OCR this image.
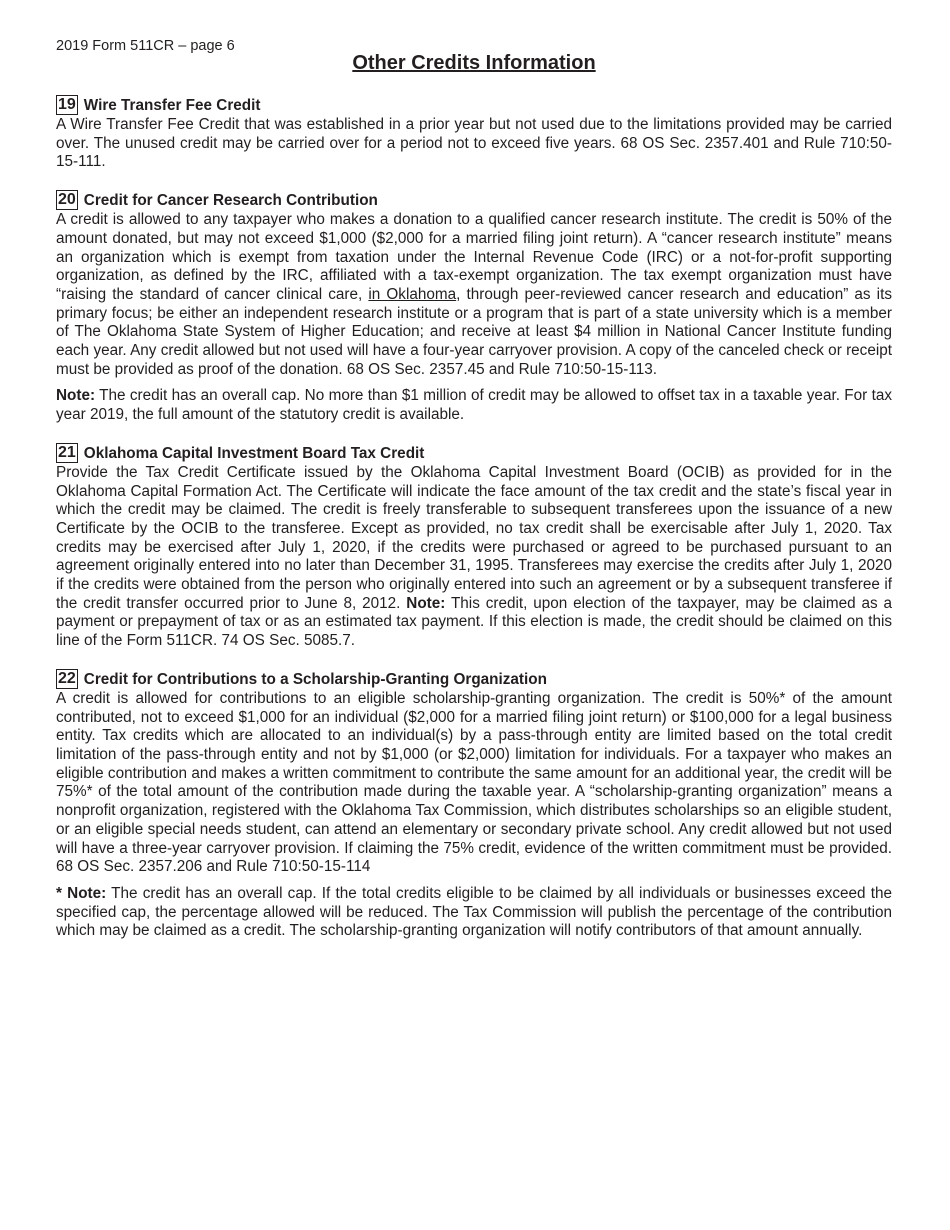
2019 Form 511CR – page 6
Other Credits Information
19 Wire Transfer Fee Credit

A Wire Transfer Fee Credit that was established in a prior year but not used due to the limitations provided may be carried over. The unused credit may be carried over for a period not to exceed five years. 68 OS Sec. 2357.401 and Rule 710:50-15-111.

20 Credit for Cancer Research Contribution

A credit is allowed to any taxpayer who makes a donation to a qualified cancer research institute. The credit is 50% of the amount donated, but may not exceed $1,000 ($2,000 for a married filing joint return). A “cancer research institute” means an organization which is exempt from taxation under the Internal Revenue Code (IRC) or a not-for-profit supporting organization, as defined by the IRC, affiliated with a tax-exempt organization. The tax exempt organization must have “raising the standard of cancer clinical care, in Oklahoma, through peer-reviewed cancer research and education” as its primary focus; be either an independent research institute or a program that is part of a state university which is a member of The Oklahoma State System of Higher Education; and receive at least $4 million in National Cancer Institute funding each year. Any credit allowed but not used will have a four-year carryover provision. A copy of the canceled check or receipt must be provided as proof of the donation. 68 OS Sec. 2357.45 and Rule 710:50-15-113.

Note: The credit has an overall cap. No more than $1 million of credit may be allowed to offset tax in a taxable year. For tax year 2019, the full amount of the statutory credit is available.

21 Oklahoma Capital Investment Board Tax Credit

Provide the Tax Credit Certificate issued by the Oklahoma Capital Investment Board (OCIB) as provided for in the Oklahoma Capital Formation Act. The Certificate will indicate the face amount of the tax credit and the state’s fiscal year in which the credit may be claimed. The credit is freely transferable to subsequent transferees upon the issuance of a new Certificate by the OCIB to the transferee. Except as provided, no tax credit shall be exercisable after July 1, 2020. Tax credits may be exercised after July 1, 2020, if the credits were purchased or agreed to be purchased pursuant to an agreement originally entered into no later than December 31, 1995. Transferees may exercise the credits after July 1, 2020 if the credits were obtained from the person who originally entered into such an agreement or by a subsequent transferee if the credit transfer occurred prior to June 8, 2012. Note: This credit, upon election of the taxpayer, may be claimed as a payment or prepayment of tax or as an estimated tax payment. If this election is made, the credit should be claimed on this line of the Form 511CR. 74 OS Sec. 5085.7.

22 Credit for Contributions to a Scholarship-Granting Organization

A credit is allowed for contributions to an eligible scholarship-granting organization. The credit is 50%* of the amount contributed, not to exceed $1,000 for an individual ($2,000 for a married filing joint return) or $100,000 for a legal business entity. Tax credits which are allocated to an individual(s) by a pass-through entity are limited based on the total credit limitation of the pass-through entity and not by $1,000 (or $2,000) limitation for individuals. For a taxpayer who makes an eligible contribution and makes a written commitment to contribute the same amount for an additional year, the credit will be 75%* of the total amount of the contribution made during the taxable year. A “scholarship-granting organization” means a nonprofit organization, registered with the Oklahoma Tax Commission, which distributes scholarships so an eligible student, or an eligible special needs student, can attend an elementary or secondary private school. Any credit allowed but not used will have a three-year carryover provision. If claiming the 75% credit, evidence of the written commitment must be provided. 68 OS Sec. 2357.206 and Rule 710:50-15-114

* Note: The credit has an overall cap. If the total credits eligible to be claimed by all individuals or businesses exceed the specified cap, the percentage allowed will be reduced. The Tax Commission will publish the percentage of the contribution which may be claimed as a credit. The scholarship-granting organization will notify contributors of that amount annually.
